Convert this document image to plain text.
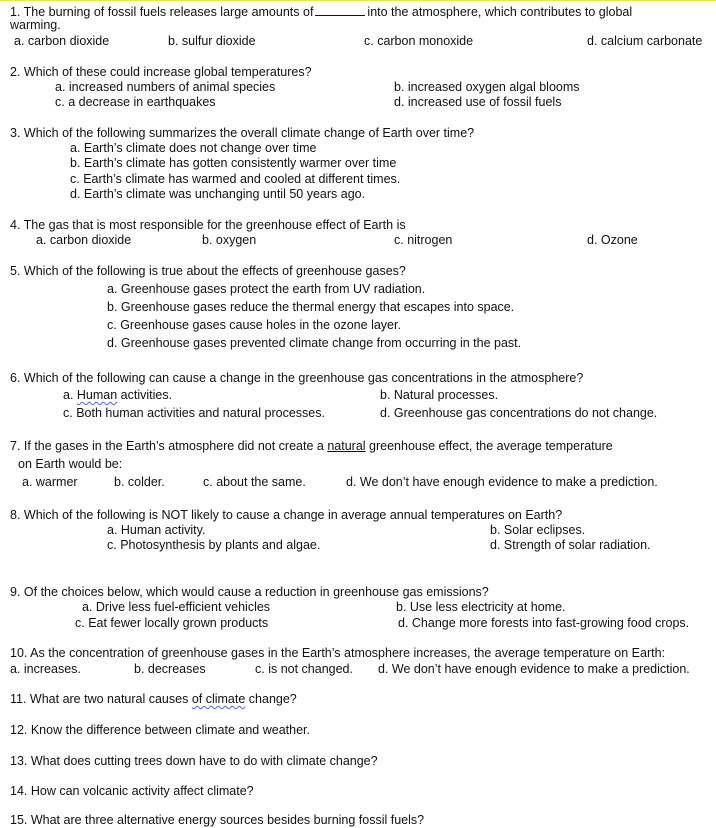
1. The burning of fossil fuels releases large amounts of	into the atmosphere, which contributes to global
warming.
a. carbon dioxide	b. sulfur dioxide	c. carbon monoxide	d. calcium carbonate
2. Which of these could increase global temperatures?
a. increased numbers of animal species	b. increased oxygen algal blooms
c. a decrease in earthquakes	d. increased use of fossil fuels
3. Which of the following summarizes the overall climate change of Earth over time?
a. Earth’s climate does not change over time
b. Earth’s climate has gotten consistently warmer over time
c. Earth’s climate has warmed and cooled at different times.
d. Earth’s climate was unchanging until 50 years ago.
4. The gas that is most responsible for the greenhouse effect of Earth is
a. carbon dioxide	b. oxygen	c. nitrogen	d. Ozone
5. Which of the following is true about the effects of greenhouse gases?
a. Greenhouse gases protect the earth from UV radiation.
b. Greenhouse gases reduce the thermal energy that escapes into space.
c. Greenhouse gases cause holes in the ozone layer.
d. Greenhouse gases prevented climate change from occurring in the past.
6. Which of the following can cause a change in the greenhouse gas concentrations in the atmosphere?
a. Human activities.	b. Natural processes.
c. Both human activities and natural processes.	d. Greenhouse gas concentrations do not change.
7. If the gases in the Earth’s atmosphere did not create a natural greenhouse effect, the average temperature
on Earth would be:
a. warmer	b. colder.	c. about the same.	d. We don’t have enough evidence to make a prediction.
8. Which of the following is NOT likely to cause a change in average annual temperatures on Earth?
a. Human activity.	b. Solar eclipses.
c. Photosynthesis by plants and algae.	d. Strength of solar radiation.
9. Of the choices below, which would cause a reduction in greenhouse gas emissions?
a. Drive less fuel-efficient vehicles	b. Use less electricity at home.
c. Eat fewer locally grown products	d. Change more forests into fast-growing food crops.
10. As the concentration of greenhouse gases in the Earth’s atmosphere increases, the average temperature on Earth:
a. increases.	b. decreases	c. is not changed. d. We don’t have enough evidence to make a prediction.
11. What are two natural causes of climate change?
12. Know the difference between climate and weather.
13. What does cutting trees down have to do with climate change?
14. How can volcanic activity affect climate?
15. What are three alternative energy sources besides burning fossil fuels?
